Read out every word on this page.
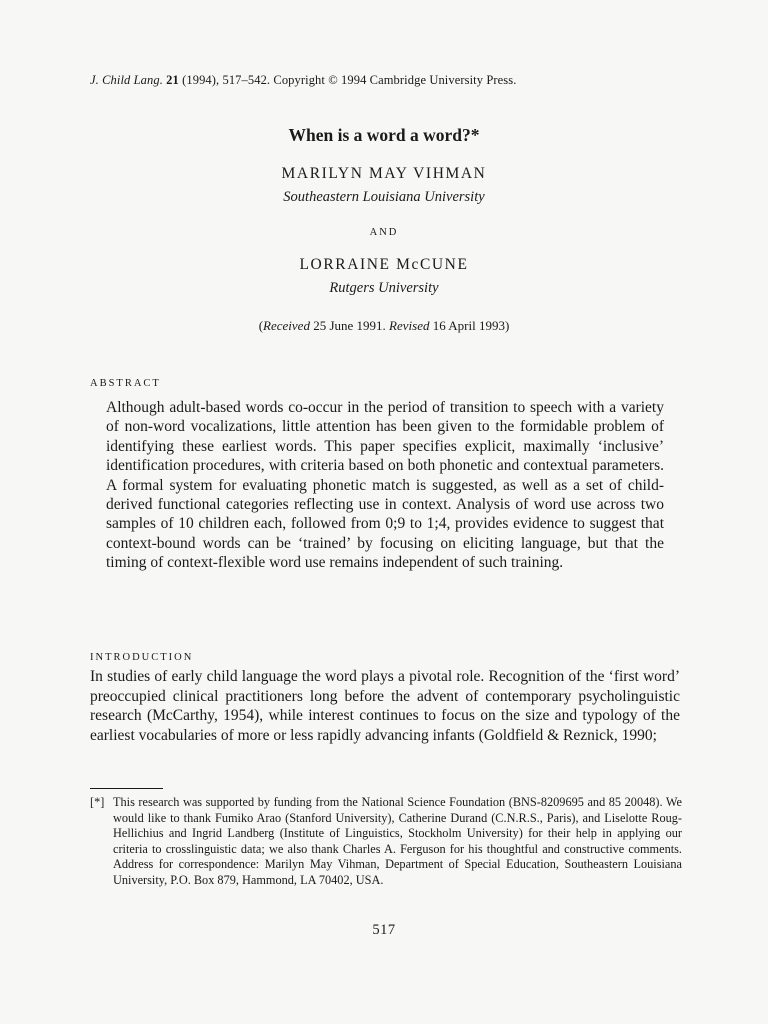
J. Child Lang. 21 (1994), 517–542. Copyright © 1994 Cambridge University Press.
When is a word a word?*
MARILYN MAY VIHMAN
Southeastern Louisiana University
AND
LORRAINE McCUNE
Rutgers University
(Received 25 June 1991. Revised 16 April 1993)
ABSTRACT
Although adult-based words co-occur in the period of transition to speech with a variety of non-word vocalizations, little attention has been given to the formidable problem of identifying these earliest words. This paper specifies explicit, maximally ‘inclusive’ identification procedures, with criteria based on both phonetic and contextual parameters. A formal system for evaluating phonetic match is suggested, as well as a set of child-derived functional categories reflecting use in context. Analysis of word use across two samples of 10 children each, followed from 0;9 to 1;4, provides evidence to suggest that context-bound words can be ‘trained’ by focusing on eliciting language, but that the timing of context-flexible word use remains independent of such training.
INTRODUCTION
In studies of early child language the word plays a pivotal role. Recognition of the ‘first word’ preoccupied clinical practitioners long before the advent of contemporary psycholinguistic research (McCarthy, 1954), while interest continues to focus on the size and typology of the earliest vocabularies of more or less rapidly advancing infants (Goldfield & Reznick, 1990;
[*] This research was supported by funding from the National Science Foundation (BNS-8209695 and 85 20048). We would like to thank Fumiko Arao (Stanford University), Catherine Durand (C.N.R.S., Paris), and Liselotte Roug-Hellichius and Ingrid Landberg (Institute of Linguistics, Stockholm University) for their help in applying our criteria to crosslinguistic data; we also thank Charles A. Ferguson for his thoughtful and constructive comments. Address for correspondence: Marilyn May Vihman, Department of Special Education, Southeastern Louisiana University, P.O. Box 879, Hammond, LA 70402, USA.
517
